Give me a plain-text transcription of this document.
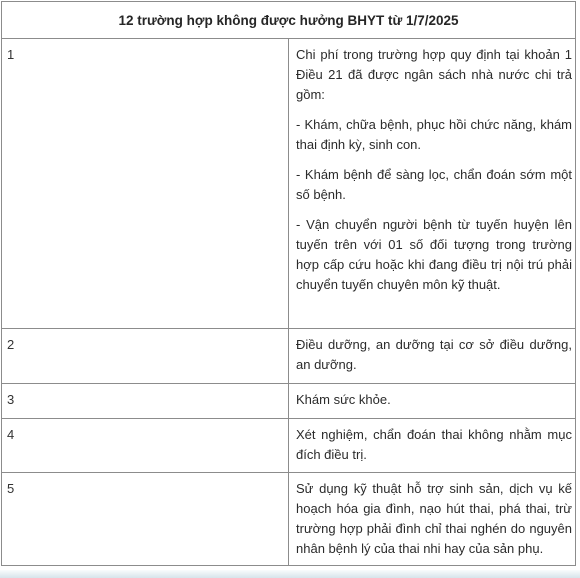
12 trường hợp không được hưởng BHYT từ 1/7/2025	
1	Chi phí trong trường hợp quy định tại khoản 1 Điều 21 đã được ngân sách nhà nước chi trả gồm:

- Khám, chữa bệnh, phục hồi chức năng, khám thai định kỳ, sinh con.

- Khám bệnh để sàng lọc, chẩn đoán sớm một số bệnh.

- Vận chuyển người bệnh từ tuyến huyện lên tuyến trên với 01 số đối tượng trong trường hợp cấp cứu hoặc khi đang điều trị nội trú phải chuyển tuyến chuyên môn kỹ thuật.

2	Điều dưỡng, an dưỡng tại cơ sở điều dưỡng, an dưỡng.

3	Khám sức khỏe.

4	Xét nghiệm, chẩn đoán thai không nhằm mục đích điều trị.

5	Sử dụng kỹ thuật hỗ trợ sinh sản, dịch vụ kế hoạch hóa gia đình, nạo hút thai, phá thai, trừ trường hợp phải đình chỉ thai nghén do nguyên nhân bệnh lý của thai nhi hay của sản phụ.
